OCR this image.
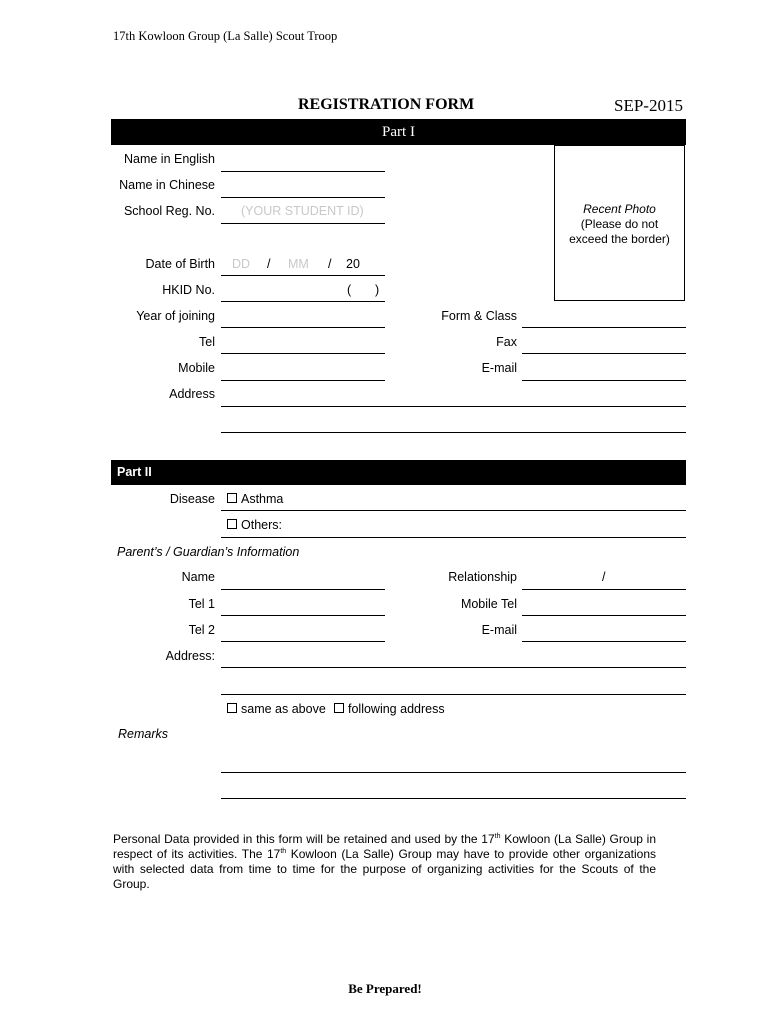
17th Kowloon Group (La Salle) Scout Troop
REGISTRATION FORM	SEP-2015
Part I
Recent Photo
(Please do not
exceed the border)
Name in English
Name in Chinese
School Reg. No. (YOUR STUDENT ID)
Date of Birth DD / MM / 20
HKID No.	( )
Year of joining	Form & Class
Tel	Fax
Mobile	E-mail
Address
Part II
Disease	Asthma
Others:
Parent’s / Guardian’s Information
Name	Relationship	/
Tel 1	Mobile Tel
Tel 2	E-mail
Address:
same as above	following address
Remarks
Personal Data provided in this form will be retained and used by the 17th Kowloon (La Salle) Group in respect of its activities. The 17th Kowloon (La Salle) Group may have to provide other organizations with selected data from time to time for the purpose of organizing activities for the Scouts of the Group.
Be Prepared!
